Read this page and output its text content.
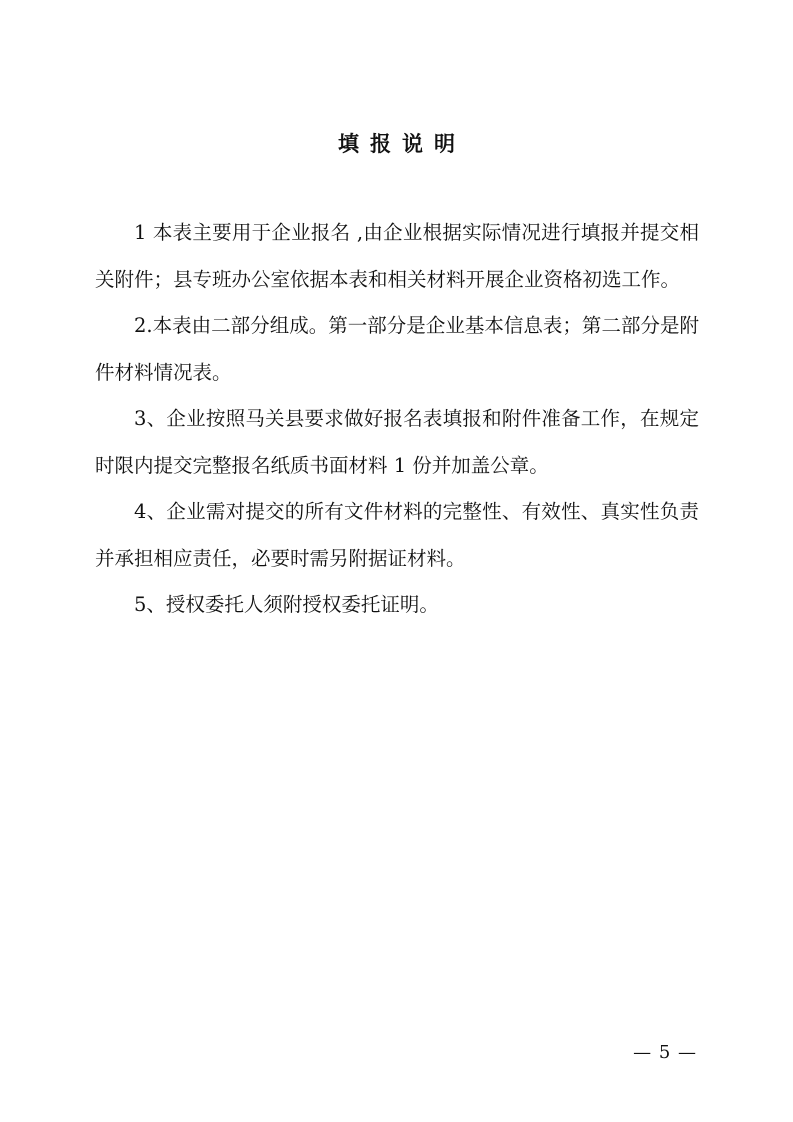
填报说明

1 本表主要用于企业报名 ,由企业根据实际情况进行填报并提交相关附件；县专班办公室依据本表和相关材料开展企业资格初选工作。

2.本表由二部分组成。第一部分是企业基本信息表；第二部分是附件材料情况表。

3、企业按照马关县要求做好报名表填报和附件准备工作，在规定时限内提交完整报名纸质书面材料 1 份并加盖公章。

4、企业需对提交的所有文件材料的完整性、有效性、真实性负责并承担相应责任，必要时需另附据证材料。

5、授权委托人须附授权委托证明。

— 5 —
